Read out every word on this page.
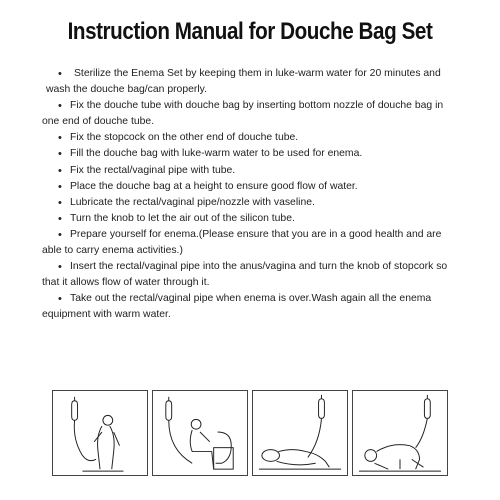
Instruction Manual for Douche Bag Set
•	Sterilize the Enema Set by keeping them in luke-warm water for 20 minutes and wash the douche bag/can properly.
• Fix the douche tube with douche bag by inserting bottom nozzle of douche bag in one end of douche tube.
• Fix the stopcock on the other end of douche tube.
• Fill the douche bag with luke-warm water to be used for enema.
• Fix the rectal/vaginal pipe with tube.
• Place the douche bag at a height to ensure good flow of water.
• Lubricate the rectal/vaginal pipe/nozzle with vaseline.
• Turn the knob to let the air out of the silicon tube.
• Prepare yourself for enema.(Please ensure that you are in a good health and are able to carry enema activities.)
• Insert the rectal/vaginal pipe into the anus/vagina and turn the knob of stopcork so that it allows flow of water through it.
• Take out the rectal/vaginal pipe when enema is over.Wash again all the enema equipment with warm water.
